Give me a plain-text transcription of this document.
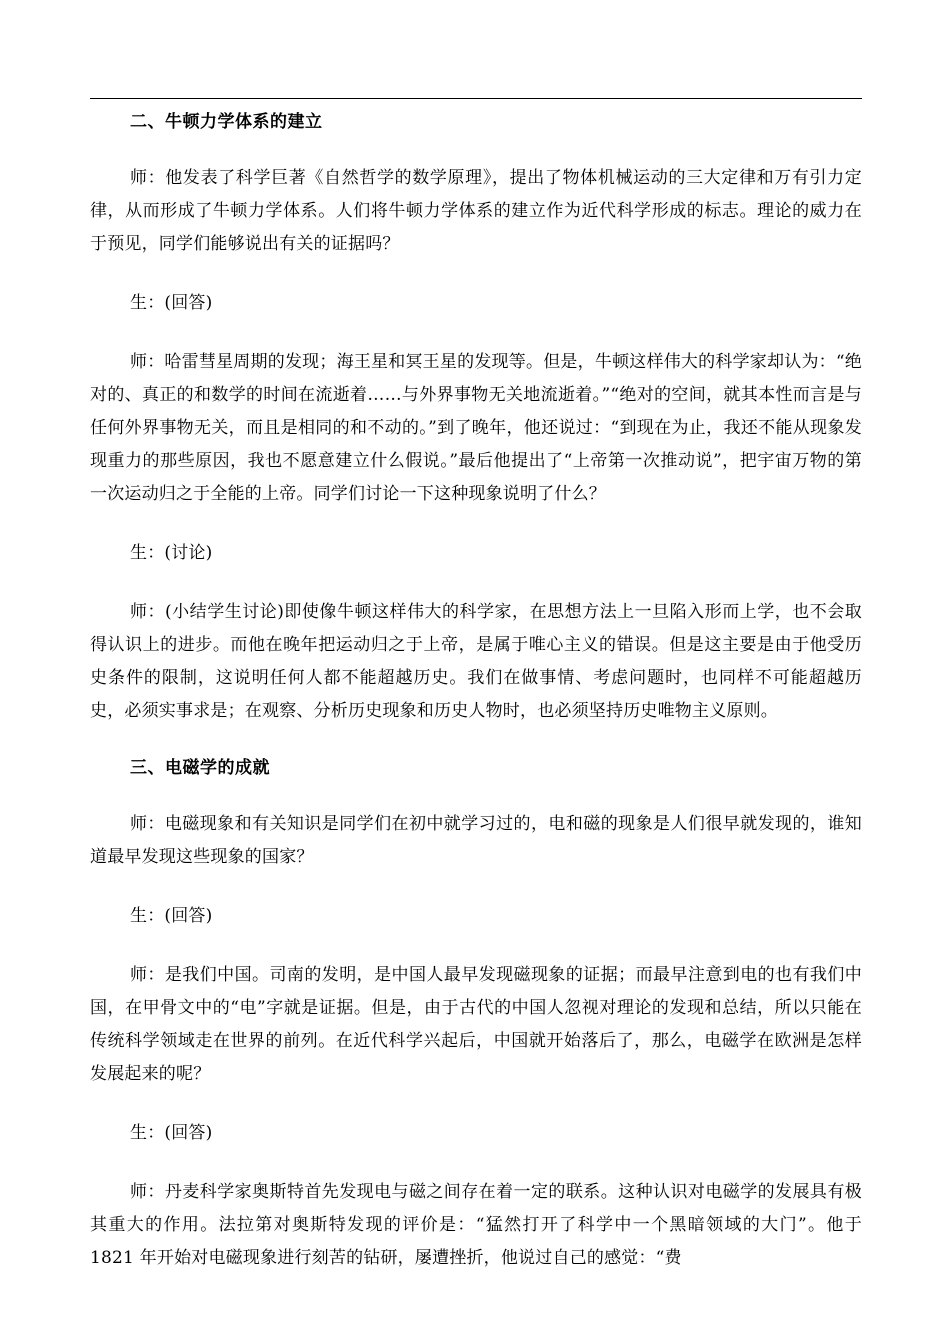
二、牛顿力学体系的建立

师：他发表了科学巨著《自然哲学的数学原理》，提出了物体机械运动的三大定律和万有引力定律，从而形成了牛顿力学体系。人们将牛顿力学体系的建立作为近代科学形成的标志。理论的威力在于预见，同学们能够说出有关的证据吗？

生：(回答)

师：哈雷彗星周期的发现；海王星和冥王星的发现等。但是，牛顿这样伟大的科学家却认为：“绝对的、真正的和数学的时间在流逝着……与外界事物无关地流逝着。”“绝对的空间，就其本性而言是与任何外界事物无关，而且是相同的和不动的。”到了晚年，他还说过：“到现在为止，我还不能从现象发现重力的那些原因，我也不愿意建立什么假说。”最后他提出了“上帝第一次推动说”，把宇宙万物的第一次运动归之于全能的上帝。同学们讨论一下这种现象说明了什么？

生：(讨论)

师：(小结学生讨论)即使像牛顿这样伟大的科学家，在思想方法上一旦陷入形而上学，也不会取得认识上的进步。而他在晚年把运动归之于上帝，是属于唯心主义的错误。但是这主要是由于他受历史条件的限制，这说明任何人都不能超越历史。我们在做事情、考虑问题时，也同样不可能超越历史，必须实事求是；在观察、分析历史现象和历史人物时，也必须坚持历史唯物主义原则。

三、电磁学的成就

师：电磁现象和有关知识是同学们在初中就学习过的，电和磁的现象是人们很早就发现的，谁知道最早发现这些现象的国家？

生：(回答)

师：是我们中国。司南的发明，是中国人最早发现磁现象的证据；而最早注意到电的也有我们中国，在甲骨文中的“电”字就是证据。但是，由于古代的中国人忽视对理论的发现和总结，所以只能在传统科学领域走在世界的前列。在近代科学兴起后，中国就开始落后了，那么，电磁学在欧洲是怎样发展起来的呢？

生：(回答)

师：丹麦科学家奥斯特首先发现电与磁之间存在着一定的联系。这种认识对电磁学的发展具有极其重大的作用。法拉第对奥斯特发现的评价是：“猛然打开了科学中一个黑暗领域的大门”。他于 1821 年开始对电磁现象进行刻苦的钻研，屡遭挫折，他说过自己的感觉：“费
